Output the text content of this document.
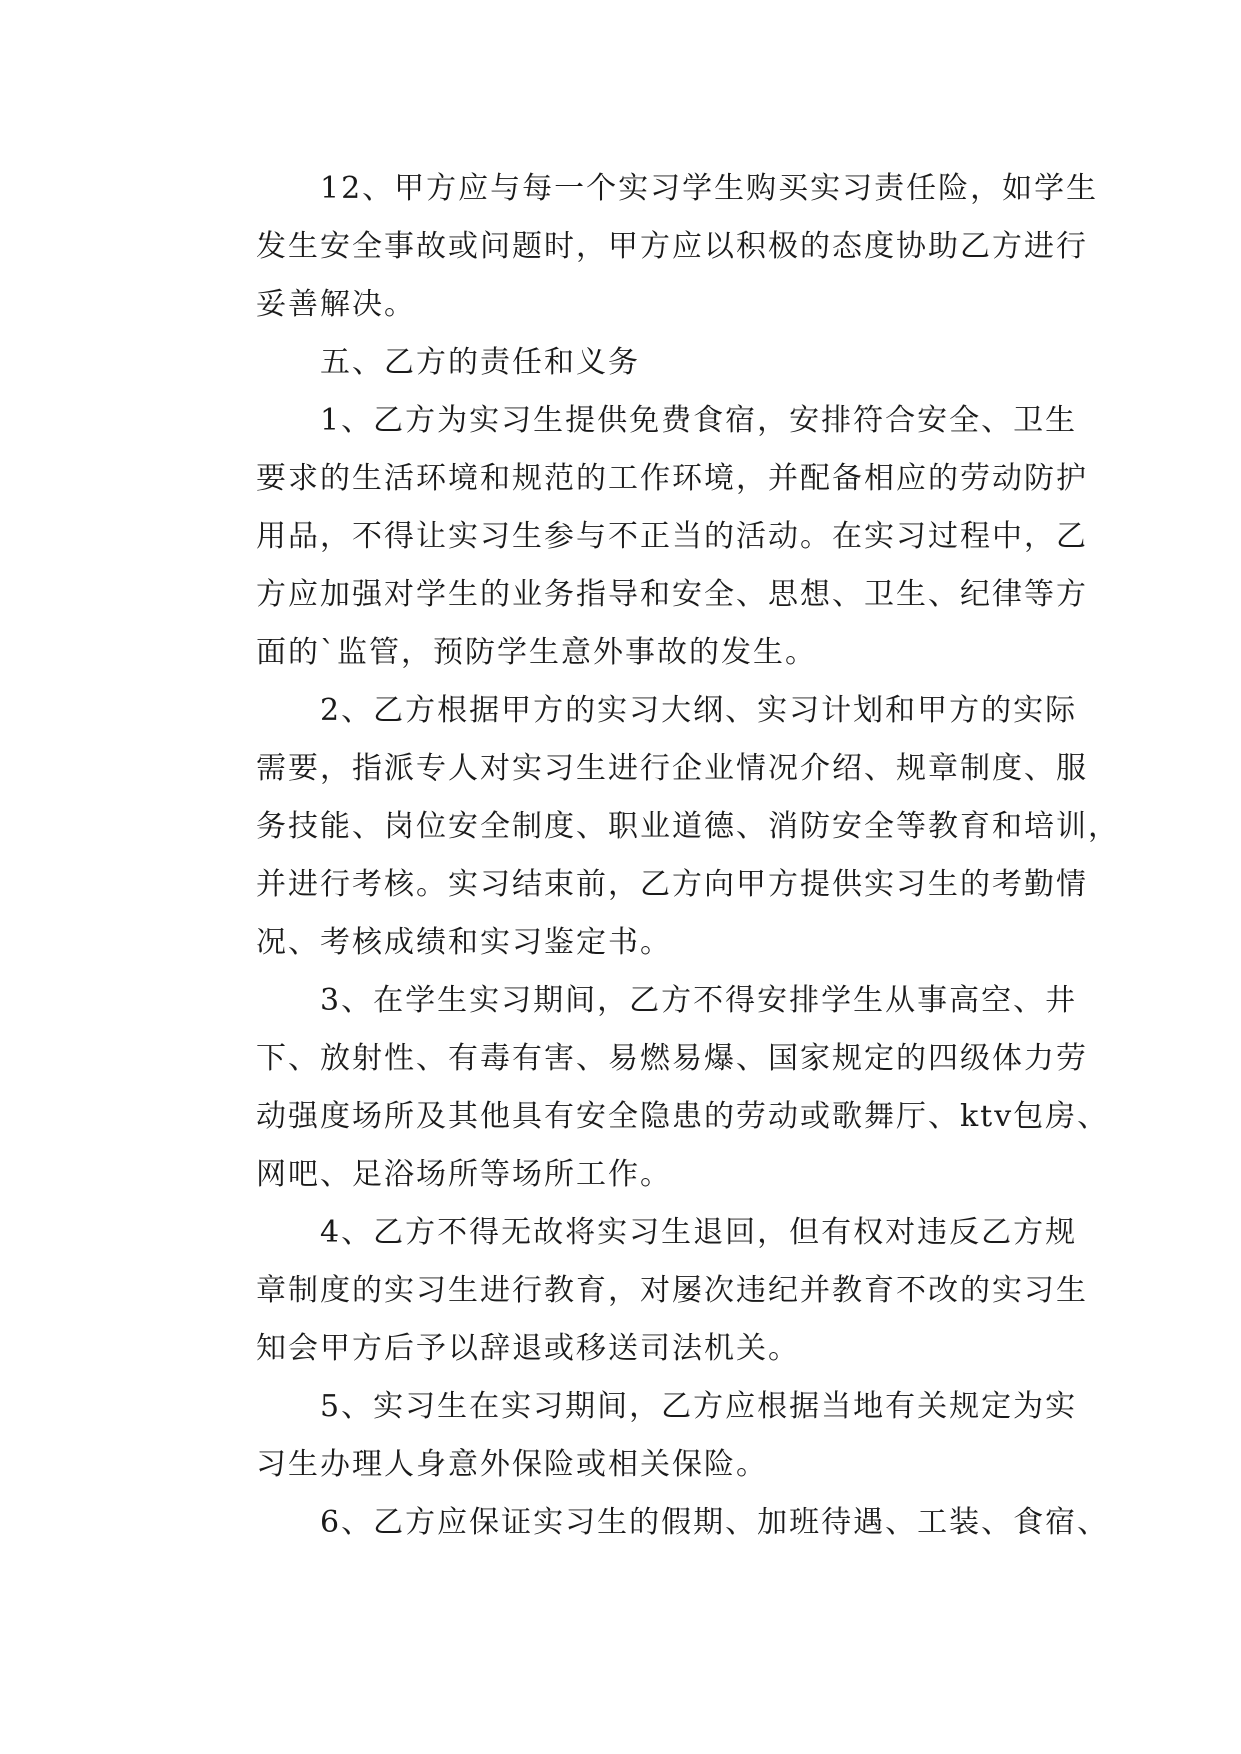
12、甲方应与每一个实习学生购买实习责任险，如学生
发生安全事故或问题时，甲方应以积极的态度协助乙方进行
妥善解决。
五、乙方的责任和义务
1、乙方为实习生提供免费食宿，安排符合安全、卫生
要求的生活环境和规范的工作环境，并配备相应的劳动防护
用品，不得让实习生参与不正当的活动。在实习过程中，乙
方应加强对学生的业务指导和安全、思想、卫生、纪律等方
面的`监管，预防学生意外事故的发生。
2、乙方根据甲方的实习大纲、实习计划和甲方的实际
需要，指派专人对实习生进行企业情况介绍、规章制度、服
务技能、岗位安全制度、职业道德、消防安全等教育和培训，
并进行考核。实习结束前，乙方向甲方提供实习生的考勤情
况、考核成绩和实习鉴定书。
3、在学生实习期间，乙方不得安排学生从事高空、井
下、放射性、有毒有害、易燃易爆、国家规定的四级体力劳
动强度场所及其他具有安全隐患的劳动或歌舞厅、ktv包房、
网吧、足浴场所等场所工作。
4、乙方不得无故将实习生退回，但有权对违反乙方规
章制度的实习生进行教育，对屡次违纪并教育不改的实习生
知会甲方后予以辞退或移送司法机关。
5、实习生在实习期间，乙方应根据当地有关规定为实
习生办理人身意外保险或相关保险。
6、乙方应保证实习生的假期、加班待遇、工装、食宿、
